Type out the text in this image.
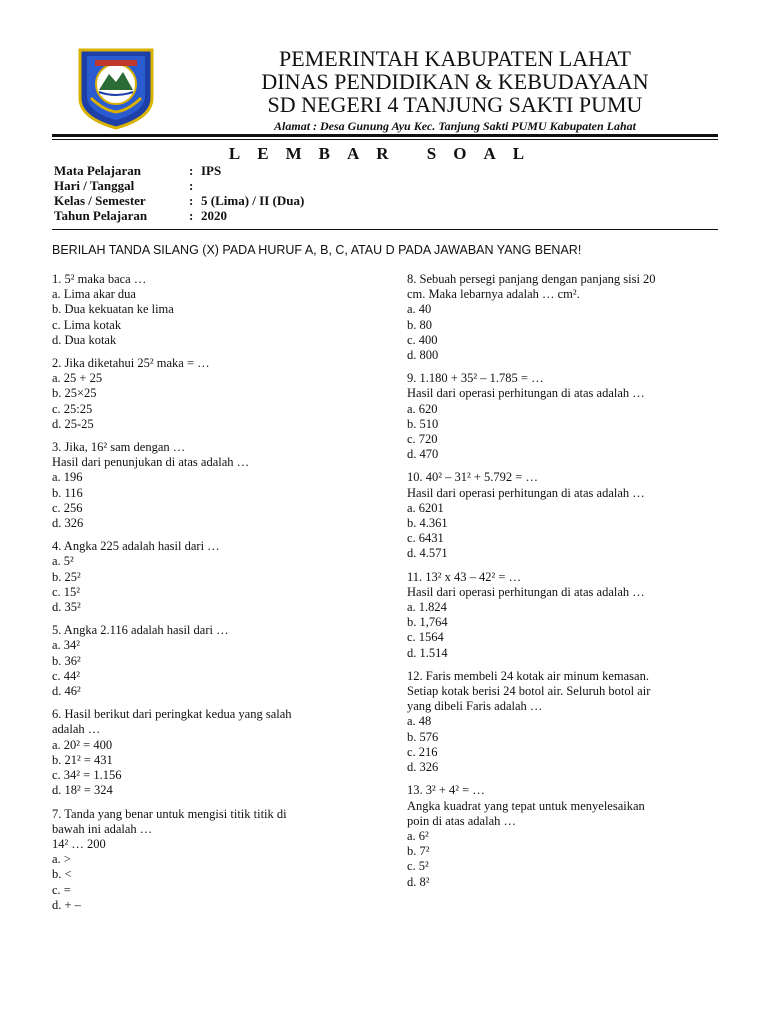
PEMERINTAH KABUPATEN LAHAT
DINAS PENDIDIKAN & KEBUDAYAAN
SD NEGERI 4 TANJUNG SAKTI PUMU
Alamat : Desa Gunung Ayu Kec. Tanjung Sakti PUMU Kabupaten Lahat
LEMBAR SOAL
Mata Pelajaran	: IPS
Hari / Tanggal	:
Kelas / Semester	: 5 (Lima) / II (Dua)
Tahun Pelajaran	: 2020
BERILAH TANDA SILANG (X) PADA HURUF A, B, C, ATAU D PADA JAWABAN YANG BENAR!
1. 5² maka baca …
a. Lima akar dua
b. Dua kekuatan ke lima
c. Lima kotak
d. Dua kotak
2. Jika diketahui 25² maka = …
a. 25 + 25
b. 25×25
c. 25:25
d. 25-25
3. Jika, 16² sam dengan …
Hasil dari penunjukan di atas adalah …
a. 196
b. 116
c. 256
d. 326
4. Angka 225 adalah hasil dari …
a. 5²
b. 25²
c. 15²
d. 35²
5. Angka 2.116 adalah hasil dari …
a. 34²
b. 36²
c. 44²
d. 46²
6. Hasil berikut dari peringkat kedua yang salah
adalah …
a. 20² = 400
b. 21² = 431
c. 34² = 1.156
d. 18² = 324
7. Tanda yang benar untuk mengisi titik titik di
bawah ini adalah …
14² … 200
a. >
b. <
c. =
d. + –
8. Sebuah persegi panjang dengan panjang sisi 20
cm. Maka lebarnya adalah … cm².
a. 40
b. 80
c. 400
d. 800
9. 1.180 + 35² – 1.785 = …
Hasil dari operasi perhitungan di atas adalah …
a. 620
b. 510
c. 720
d. 470
10. 40² – 31² + 5.792 = …
Hasil dari operasi perhitungan di atas adalah …
a. 6201
b. 4.361
c. 6431
d. 4.571
11. 13² x 43 – 42² = …
Hasil dari operasi perhitungan di atas adalah …
a. 1.824
b. 1,764
c. 1564
d. 1.514
12. Faris membeli 24 kotak air minum kemasan.
Setiap kotak berisi 24 botol air. Seluruh botol air
yang dibeli Faris adalah …
a. 48
b. 576
c. 216
d. 326
13. 3² + 4² = …
Angka kuadrat yang tepat untuk menyelesaikan
poin di atas adalah …
a. 6²
b. 7²
c. 5²
d. 8²
